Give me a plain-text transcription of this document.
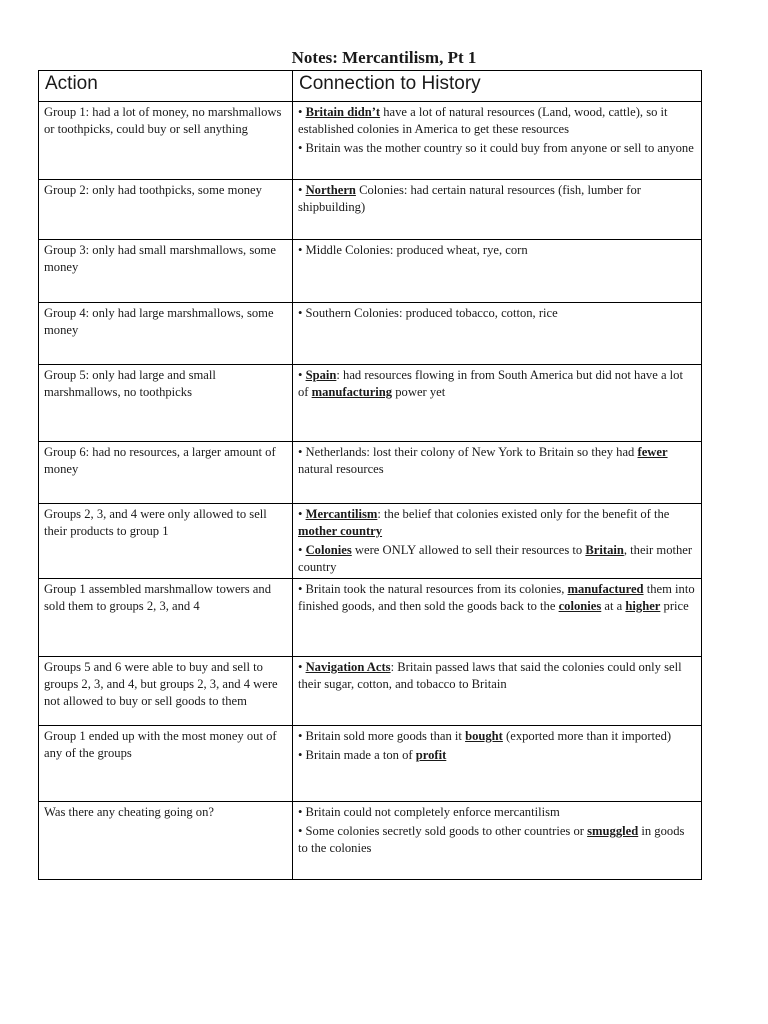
Notes: Mercantilism, Pt 1
Action	Connection to History
Group 1: had a lot of money, no marshmallows or toothpicks, could buy or sell anything	• Britain didn’t have a lot of natural resources (Land, wood, cattle), so it established colonies in America to get these resources
• Britain was the mother country so it could buy from anyone or sell to anyone

Group 2: only had toothpicks, some money	• Northern Colonies: had certain natural resources (fish, lumber for shipbuilding)

Group 3: only had small marshmallows, some money	• Middle Colonies: produced wheat, rye, corn

Group 4: only had large marshmallows, some money	• Southern Colonies: produced tobacco, cotton, rice

Group 5: only had large and small marshmallows, no toothpicks	• Spain: had resources flowing in from South America but did not have a lot of manufacturing power yet

Group 6: had no resources, a larger amount of money	• Netherlands: lost their colony of New York to Britain so they had fewer natural resources

Groups 2, 3, and 4 were only allowed to sell their products to group 1	• Mercantilism: the belief that colonies existed only for the benefit of the mother country
• Colonies were ONLY allowed to sell their resources to Britain, their mother country

Group 1 assembled marshmallow towers and sold them to groups 2, 3, and 4	• Britain took the natural resources from its colonies, manufactured them into finished goods, and then sold the goods back to the colonies at a higher price

Groups 5 and 6 were able to buy and sell to groups 2, 3, and 4, but groups 2, 3, and 4 were not allowed to buy or sell goods to them	• Navigation Acts: Britain passed laws that said the colonies could only sell their sugar, cotton, and tobacco to Britain

Group 1 ended up with the most money out of any of the groups	• Britain sold more goods than it bought (exported more than it imported)
• Britain made a ton of profit

Was there any cheating going on?	• Britain could not completely enforce mercantilism
• Some colonies secretly sold goods to other countries or smuggled in goods to the colonies
